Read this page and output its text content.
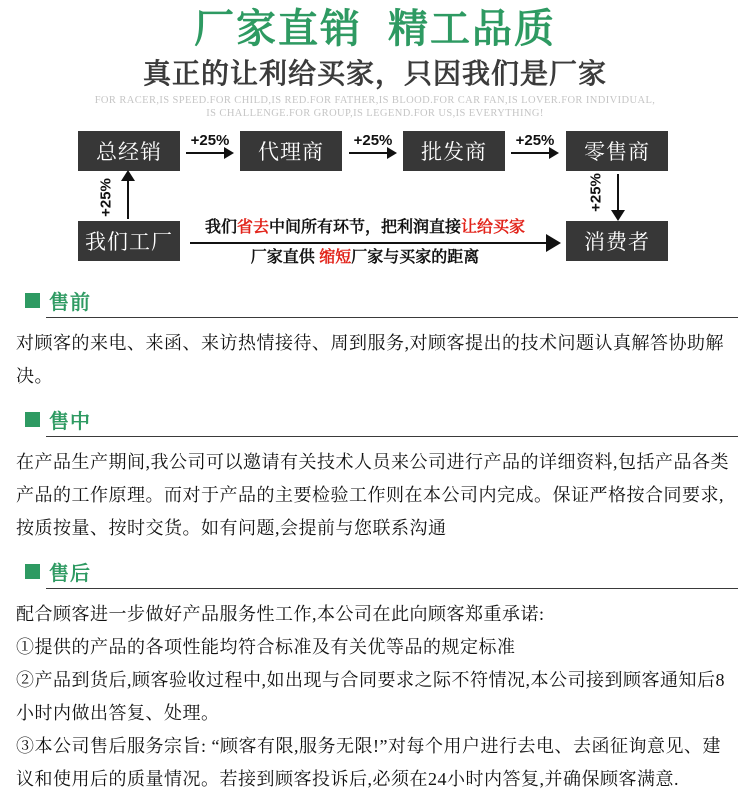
厂家直销 精工品质
真正的让利给买家，只因我们是厂家
FOR RACER,IS SPEED.FOR CHILD,IS RED.FOR FATHER,IS BLOOD.FOR CAR FAN,IS LOVER.FOR INDIVIDUAL,
IS CHALLENGE.FOR GROUP,IS LEGEND.FOR US,IS EVERYTHING!
总经销	代理商	批发商	零售商
我们工厂	消费者
+25%	+25%	+25%
+25%	+25%
我们省去中间所有环节，把利润直接让给买家
厂家直供 缩短厂家与买家的距离
售前

对顾客的来电、来函、来访热情接待、周到服务,对顾客提出的技术问题认真解答协助解决。

售中

在产品生产期间,我公司可以邀请有关技术人员来公司进行产品的详细资料,包括产品各类产品的工作原理。而对于产品的主要检验工作则在本公司内完成。保证严格按合同要求,按质按量、按时交货。如有问题,会提前与您联系沟通

售后

配合顾客进一步做好产品服务性工作,本公司在此向顾客郑重承诺:

①提供的产品的各项性能均符合标准及有关优等品的规定标准

②产品到货后,顾客验收过程中,如出现与合同要求之际不符情况,本公司接到顾客通知后8小时内做出答复、处理。

③本公司售后服务宗旨: “顾客有限,服务无限!”对每个用户进行去电、去函征询意见、建议和使用后的质量情况。若接到顾客投诉后,必须在24小时内答复,并确保顾客满意.
